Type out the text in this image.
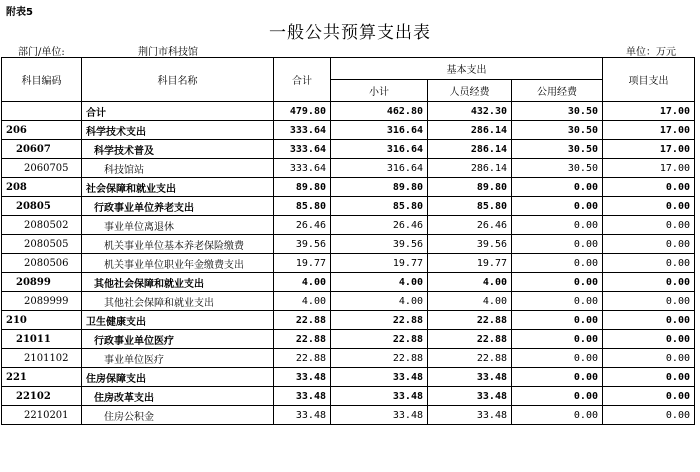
附表5
一般公共预算支出表
部门/单位:	荆门市科技馆	单位：万元
科目编码	科目名称	合计	基本支出			项目支出
			小计	人员经费	公用经费	
	合计	479.80	462.80	432.30	30.50	17.00
206	科学技术支出	333.64	316.64	286.14	30.50	17.00
20607	科学技术普及	333.64	316.64	286.14	30.50	17.00
2060705	科技馆站	333.64	316.64	286.14	30.50	17.00
208	社会保障和就业支出	89.80	89.80	89.80	0.00	0.00
20805	行政事业单位养老支出	85.80	85.80	85.80	0.00	0.00
2080502	事业单位离退休	26.46	26.46	26.46	0.00	0.00
2080505	机关事业单位基本养老保险缴费	39.56	39.56	39.56	0.00	0.00
2080506	机关事业单位职业年金缴费支出	19.77	19.77	19.77	0.00	0.00
20899	其他社会保障和就业支出	4.00	4.00	4.00	0.00	0.00
2089999	其他社会保障和就业支出	4.00	4.00	4.00	0.00	0.00
210	卫生健康支出	22.88	22.88	22.88	0.00	0.00
21011	行政事业单位医疗	22.88	22.88	22.88	0.00	0.00
2101102	事业单位医疗	22.88	22.88	22.88	0.00	0.00
221	住房保障支出	33.48	33.48	33.48	0.00	0.00
22102	住房改革支出	33.48	33.48	33.48	0.00	0.00
2210201	住房公积金	33.48	33.48	33.48	0.00	0.00
